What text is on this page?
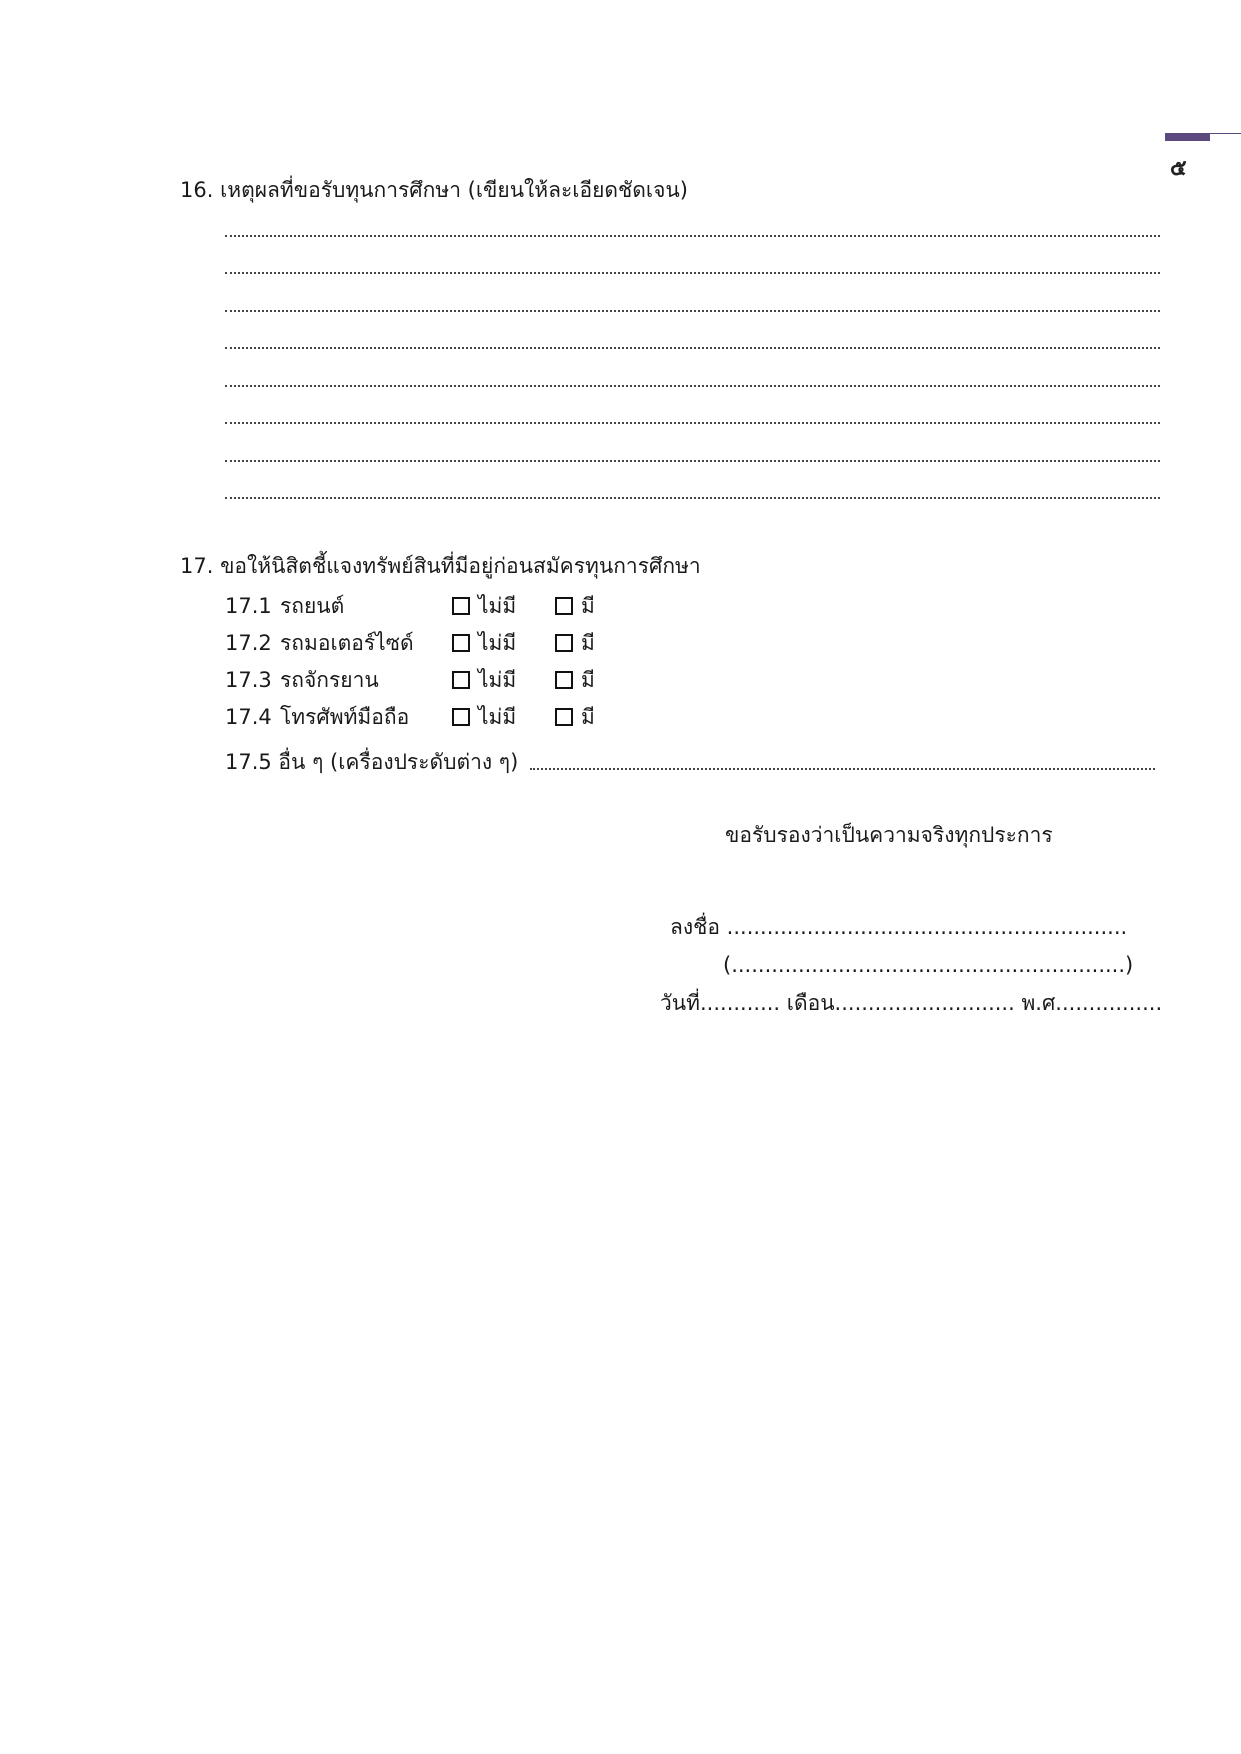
๕
16. เหตุผลที่ขอรับทุนการศึกษา (เขียนให้ละเอียดชัดเจน)
17. ขอให้นิสิตชี้แจงทรัพย์สินที่มีอยู่ก่อนสมัครทุนการศึกษา
17.1 รถยนต์	ไม่มี	มี
17.2 รถมอเตอร์ไซด์	ไม่มี	มี
17.3 รถจักรยาน	ไม่มี	มี
17.4 โทรศัพท์มือถือ	ไม่มี	มี
17.5 อื่น ๆ (เครื่องประดับต่าง ๆ)
ขอรับรองว่าเป็นความจริงทุกประการ
ลงชื่อ ............................................................
(...........................................................)
วันที่............ เดือน........................... พ.ศ................
